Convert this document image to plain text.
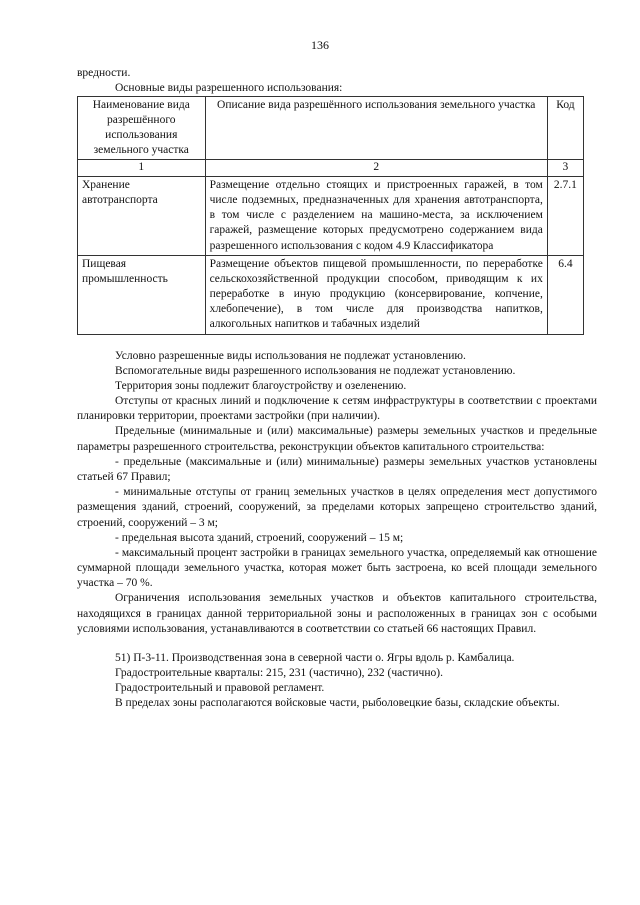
136

вредности.

Основные виды разрешенного использования:

Наименование вида разрешённого использования земельного участка	Описание вида разрешённого использования земельного участка	Код
1	2	3
Хранение автотранспорта	Размещение отдельно стоящих и пристроенных гаражей, в том числе подземных, предназначенных для хранения автотранспорта, в том числе с разделением на машино-места, за исключением гаражей, размещение которых предусмотрено содержанием вида разрешенного использования с кодом 4.9 Классификатора	2.7.1
Пищевая промышленность	Размещение объектов пищевой промышленности, по переработке сельскохозяйственной продукции способом, приводящим к их переработке в иную продукцию (консервирование, копчение, хлебопечение), в том числе для производства напитков, алкогольных напитков и табачных изделий	6.4

Условно разрешенные виды использования не подлежат установлению.

Вспомогательные виды разрешенного использования не подлежат установлению.

Территория зоны подлежит благоустройству и озеленению.

Отступы от красных линий и подключение к сетям инфраструктуры в соответствии с проектами планировки территории, проектами застройки (при наличии).

Предельные (минимальные и (или) максимальные) размеры земельных участков и предельные параметры разрешенного строительства, реконструкции объектов капитального строительства:

- предельные (максимальные и (или) минимальные) размеры земельных участков установлены статьей 67 Правил;

- минимальные отступы от границ земельных участков в целях определения мест допустимого размещения зданий, строений, сооружений, за пределами которых запрещено строительство зданий, строений, сооружений – 3 м;

- предельная высота зданий, строений, сооружений – 15 м;

- максимальный процент застройки в границах земельного участка, определяемый как отношение суммарной площади земельного участка, которая может быть застроена, ко всей площади земельного участка – 70 %.

Ограничения использования земельных участков и объектов капитального строительства, находящихся в границах данной территориальной зоны и расположенных в границах зон с особыми условиями использования, устанавливаются в соответствии со статьей 66 настоящих Правил.

51) П-3-11. Производственная зона в северной части о. Ягры вдоль р. Камбалица.

Градостроительные кварталы: 215, 231 (частично), 232 (частично).

Градостроительный и правовой регламент.

В пределах зоны располагаются войсковые части, рыболовецкие базы, складские объекты.
